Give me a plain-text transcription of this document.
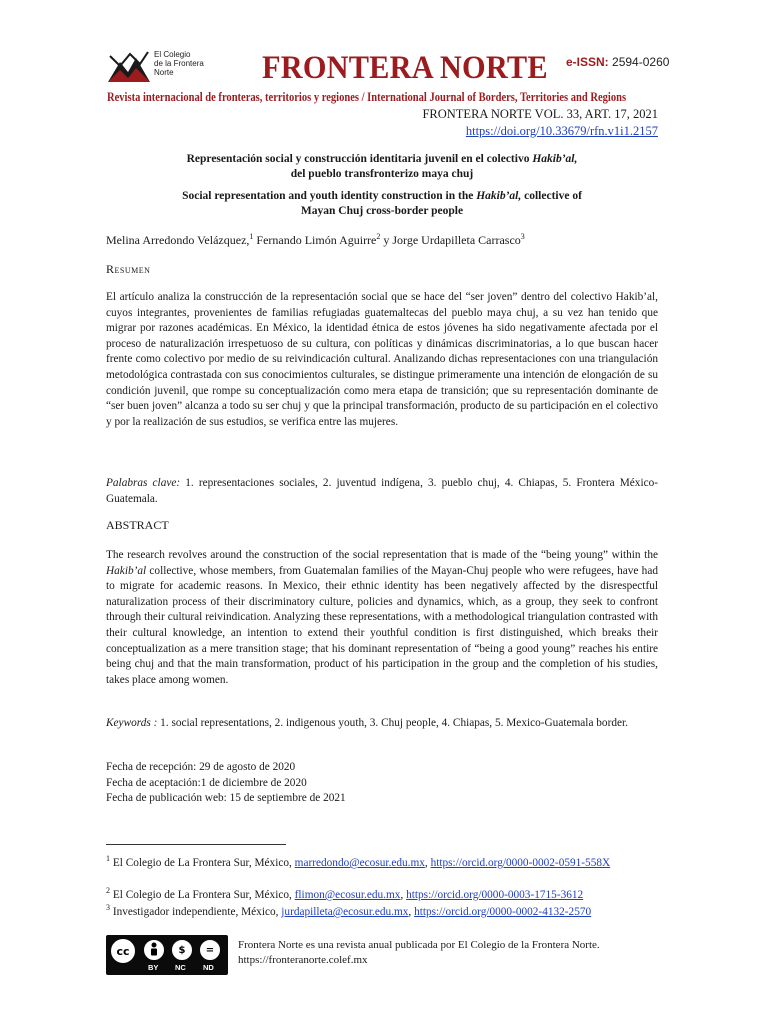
El Colegio
de la Frontera
Norte	FRONTERA NORTE e-ISSN: 2594-0260
Revista internacional de fronteras, territorios y regiones / International Journal of Borders, Territories and Regions
FRONTERA NORTE VOL. 33, ART. 17, 2021
https://doi.org/10.33679/rfn.v1i1.2157
Representación social y construcción identitaria juvenil en el colectivo Hakib’al,
del pueblo transfronterizo maya chuj
Social representation and youth identity construction in the Hakib’al, collective of
Mayan Chuj cross-border people
Melina Arredondo Velázquez,$^1$ Fernando Limón Aguirre$^2$ y Jorge Urdapilleta Carrasco$^3$
Resumen
El artículo analiza la construcción de la representación social que se hace del “ser joven” dentro del colectivo Hakib’al, cuyos integrantes, provenientes de familias refugiadas guatemaltecas del pueblo maya chuj, a su vez han tenido que migrar por razones académicas. En México, la identidad étnica de estos jóvenes ha sido negativamente afectada por el proceso de naturalización irrespetuoso de su cultura, con políticas y dinámicas discriminatorias, a lo que buscan hacer frente como colectivo por medio de su reivindicación cultural. Analizando dichas representaciones con una triangulación metodológica contrastada con sus conocimientos culturales, se distingue primeramente una intención de elongación de su condición juvenil, que rompe su conceptualización como mera etapa de transición; que su representación dominante de “ser buen joven” alcanza a todo su ser chuj y que la principal transformación, producto de su participación en el colectivo y por la realización de sus estudios, se verifica entre las mujeres.
Palabras clave: 1. representaciones sociales, 2. juventud indígena, 3. pueblo chuj, 4. Chiapas, 5. Frontera México-Guatemala.
ABSTRACT
The research revolves around the construction of the social representation that is made of the “being young” within the Hakib’al collective, whose members, from Guatemalan families of the Mayan-Chuj people who were refugees, have had to migrate for academic reasons. In Mexico, their ethnic identity has been negatively affected by the disrespectful naturalization process of their discriminatory culture, policies and dynamics, which, as a group, they seek to confront through their cultural reivindication. Analyzing these representations, with a methodological triangulation contrasted with their cultural knowledge, an intention to extend their youthful condition is first distinguished, which breaks their conceptualization as a mere transition stage; that his dominant representation of “being a good young” reaches his entire being chuj and that the main transformation, product of his participation in the group and the completion of his studies, takes place among women.
Keywords : 1. social representations, 2. indigenous youth, 3. Chuj people, 4. Chiapas, 5. Mexico-Guatemala border.
Fecha de recepción: 29 de agosto de 2020
Fecha de aceptación:1 de diciembre de 2020
Fecha de publicación web: 15 de septiembre de 2021
$^1$ El Colegio de La Frontera Sur, México, marredondo@ecosur.edu.mx, https://orcid.org/0000-0002-0591-558X
$^2$ El Colegio de La Frontera Sur, México, flimon@ecosur.edu.mx, https://orcid.org/0000-0003-1715-3612
$^3$ Investigador independiente, México, jurdapilleta@ecosur.edu.mx, https://orcid.org/0000-0002-4132-2570
cc	$	=
BY NC ND
Frontera Norte es una revista anual publicada por El Colegio de la Frontera Norte.
https://fronteranorte.colef.mx
